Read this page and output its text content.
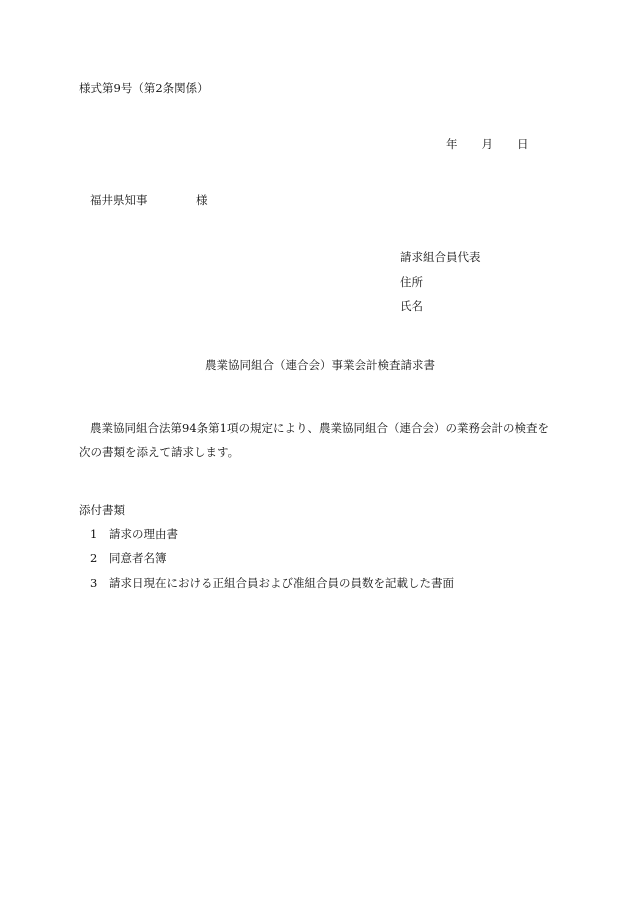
様式第9号（第2条関係）
年 月 日
福井県知事	様
請求組合員代表
住所
氏名
農業協同組合（連合会）事業会計検査請求書
農業協同組合法第94条第1項の規定により、農業協同組合（連合会）の業務会計の検査を次の書類を添えて請求します。
添付書類
1 請求の理由書
2 同意者名簿
3 請求日現在における正組合員および准組合員の員数を記載した書面
